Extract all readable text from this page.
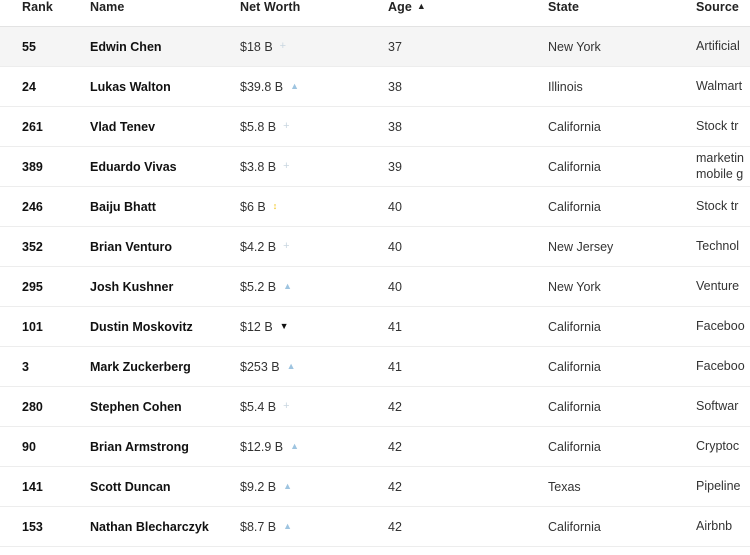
Rank	Name	Net Worth	Age ▲	State	Source

55	Edwin Chen	$18 B +	37	New York	Artificial

24	Lukas Walton	$39.8 B ▲	38	Illinois	Walmart

261	Vlad Tenev	$5.8 B +	38	California	Stock tr

389	Eduardo Vivas	$3.8 B +	39	California	marketin mobile g

246	Baiju Bhatt	$6 B ↕	40	California	Stock tr

352	Brian Venturo	$4.2 B +	40	New Jersey	Technol

295	Josh Kushner	$5.2 B ▲	40	New York	Venture

101	Dustin Moskovitz	$12 B ▼	41	California	Faceboo

3	Mark Zuckerberg	$253 B ▲	41	California	Faceboo

280	Stephen Cohen	$5.4 B +	42	California	Softwar

90	Brian Armstrong	$12.9 B ▲	42	California	Cryptoc

141	Scott Duncan	$9.2 B ▲	42	Texas	Pipeline

153	Nathan Blecharczyk	$8.7 B ▲	42	California	Airbnb
